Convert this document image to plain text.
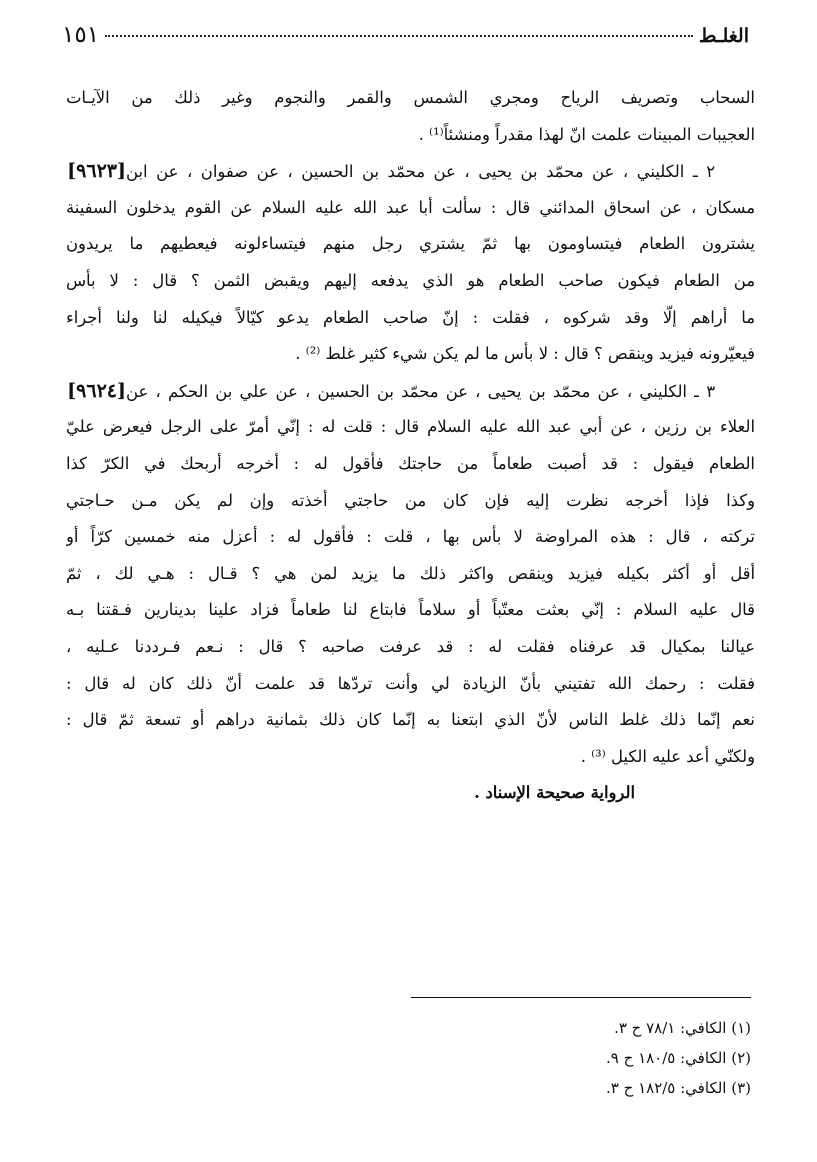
الغلـط
١٥١
السحاب وتصريف الرياح ومجري الشمس والقمر والنجوم وغير ذلك من الآيـات
العجيبات المبينات علمت انّ لهذا مقدراً ومنشئاً⁽¹⁾ .
٢ ـ الكليني ، عن محمّد بن يحيى ، عن محمّد بن الحسين ، عن صفوان ، عن ابن
[٩٦٢٣]
مسكان ، عن اسحاق المدائني قال : سألت أبا عبد الله عليه السلام عن القوم يدخلون السفينة
يشترون الطعام فيتساومون بها ثمّ يشتري رجل منهم فيتساءلونه فيعطيهم ما يريدون
من الطعام فيكون صاحب الطعام هو الذي يدفعه إليهم ويقبض الثمن ؟ قال : لا بأس
ما أراهم إلّا وقد شركوه ، فقلت : إنّ صاحب الطعام يدعو كيّالاً فيكيله لنا ولنا أجراء
فيعيّرونه فيزيد وينقص ؟ قال : لا بأس ما لم يكن شيء كثير غلط ⁽²⁾ .
٣ ـ الكليني ، عن محمّد بن يحيى ، عن محمّد بن الحسين ، عن علي بن الحكم ، عن
[٩٦٢٤]
العلاء بن رزين ، عن أبي عبد الله عليه السلام قال : قلت له : إنّي أمرّ على الرجل فيعرض عليّ
الطعام فيقول : قد أصبت طعاماً من حاجتك فأقول له : أخرجه أربحك في الكرّ كذا
وكذا فإذا أخرجه نظرت إليه فإن كان من حاجتي أخذته وإن لم يكن مـن حـاجتي
تركته ، قال : هذه المراوضة لا بأس بها ، قلت : فأقول له : أعزل منه خمسين كرّاً أو
أقل أو أكثر بكيله فيزيد وينقص واكثر ذلك ما يزيد لمن هي ؟ قـال : هـي لك ، ثمّ
قال عليه السلام : إنّي بعثت معتّباً أو سلاماً فابتاع لنا طعاماً فزاد علينا بدينارين فـقتنا بـه
عيالنا بمكيال قد عرفناه فقلت له : قد عرفت صاحبه ؟ قال : نـعم فـرددنا عـليه ،
فقلت : رحمك الله تفتيني بأنّ الزيادة لي وأنت تردّها قد علمت أنّ ذلك كان له قال :
نعم إنّما ذلك غلط الناس لأنّ الذي ابتعنا به إنّما كان ذلك بثمانية دراهم أو تسعة ثمّ قال :
ولكنّي أعد عليه الكيل ⁽³⁾ .
الرواية صحيحة الإسناد .
(١) الكافي: ٧٨/١ ح ٣.
(٢) الكافي: ١٨٠/٥ ح ٩.
(٣) الكافي: ١٨٢/٥ ح ٣.
